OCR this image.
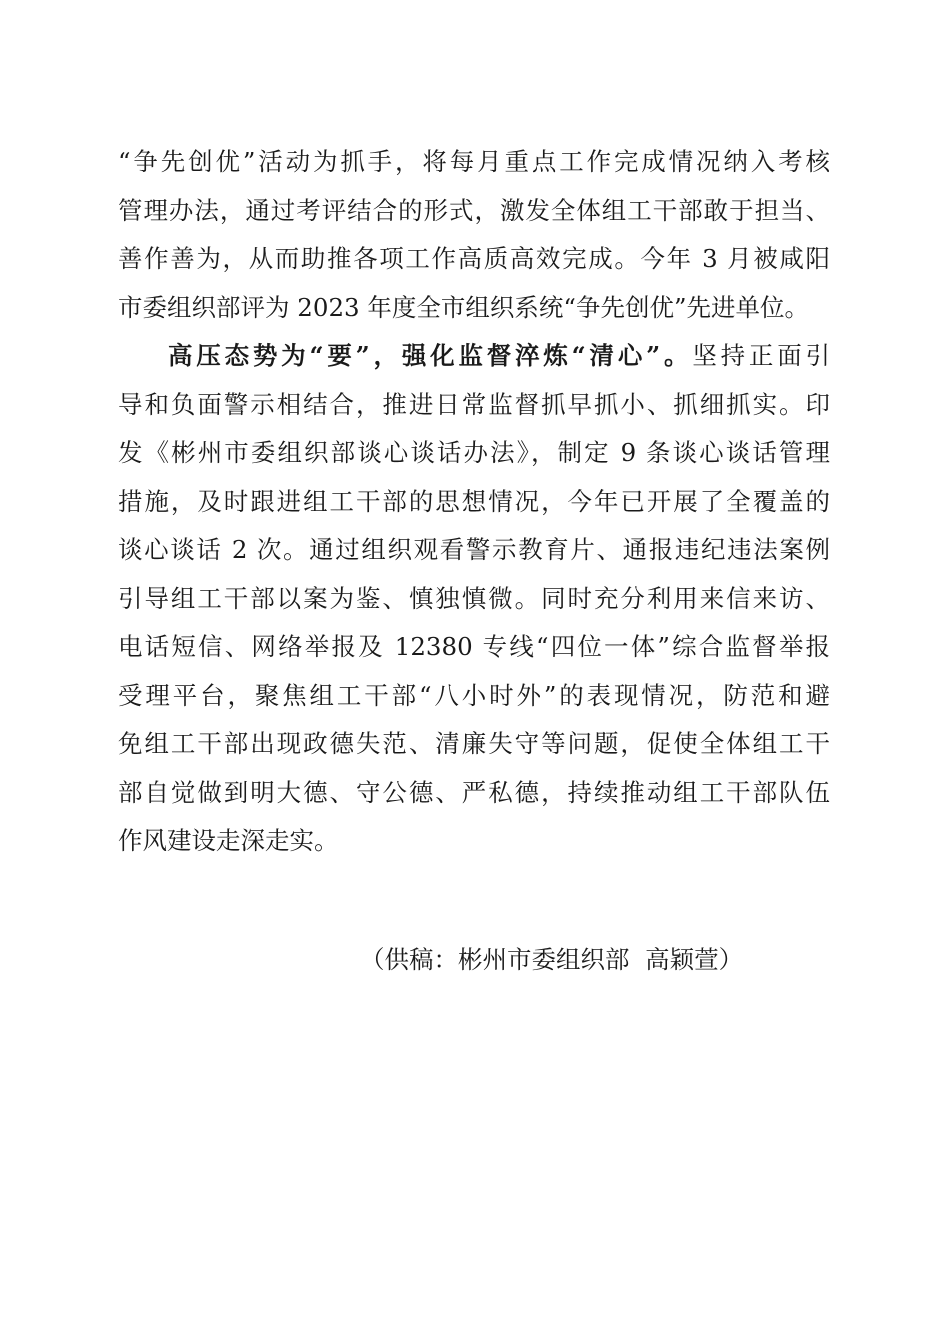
“争先创优”活动为抓手，将每月重点工作完成情况纳入考核
管理办法，通过考评结合的形式，激发全体组工干部敢于担当、
善作善为，从而助推各项工作高质高效完成。今年 3 月被咸阳
市委组织部评为 2023 年度全市组织系统“争先创优”先进单位。
高压态势为“要”，强化监督淬炼“清心”。坚持正面引
导和负面警示相结合，推进日常监督抓早抓小、抓细抓实。印
发《彬州市委组织部谈心谈话办法》，制定 9 条谈心谈话管理
措施，及时跟进组工干部的思想情况，今年已开展了全覆盖的
谈心谈话 2 次。通过组织观看警示教育片、通报违纪违法案例
引导组工干部以案为鉴、慎独慎微。同时充分利用来信来访、
电话短信、网络举报及 12380 专线“四位一体”综合监督举报
受理平台，聚焦组工干部“八小时外”的表现情况，防范和避
免组工干部出现政德失范、清廉失守等问题，促使全体组工干
部自觉做到明大德、守公德、严私德，持续推动组工干部队伍
作风建设走深走实。
（供稿：彬州市委组织部  高颖萱）
